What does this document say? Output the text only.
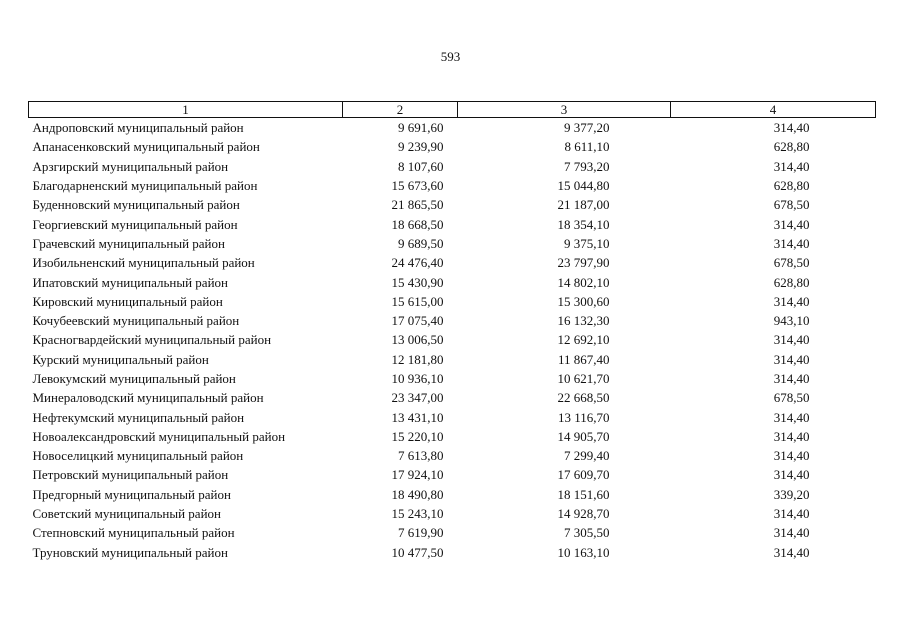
593
1	2	3	4
Андроповский муниципальный район	9 691,60	9 377,20	314,40
Апанасенковский муниципальный район	9 239,90	8 611,10	628,80
Арзгирский муниципальный район	8 107,60	7 793,20	314,40
Благодарненский муниципальный район	15 673,60	15 044,80	628,80
Буденновский муниципальный район	21 865,50	21 187,00	678,50
Георгиевский муниципальный район	18 668,50	18 354,10	314,40
Грачевский муниципальный район	9 689,50	9 375,10	314,40
Изобильненский муниципальный район	24 476,40	23 797,90	678,50
Ипатовский муниципальный район	15 430,90	14 802,10	628,80
Кировский муниципальный район	15 615,00	15 300,60	314,40
Кочубеевский муниципальный район	17 075,40	16 132,30	943,10
Красногвардейский муниципальный район	13 006,50	12 692,10	314,40
Курский муниципальный район	12 181,80	11 867,40	314,40
Левокумский муниципальный район	10 936,10	10 621,70	314,40
Минераловодский муниципальный район	23 347,00	22 668,50	678,50
Нефтекумский муниципальный район	13 431,10	13 116,70	314,40
Новоалександровский муниципальный район	15 220,10	14 905,70	314,40
Новоселицкий муниципальный район	7 613,80	7 299,40	314,40
Петровский муниципальный район	17 924,10	17 609,70	314,40
Предгорный муниципальный район	18 490,80	18 151,60	339,20
Советский муниципальный район	15 243,10	14 928,70	314,40
Степновский муниципальный район	7 619,90	7 305,50	314,40
Труновский муниципальный район	10 477,50	10 163,10	314,40
